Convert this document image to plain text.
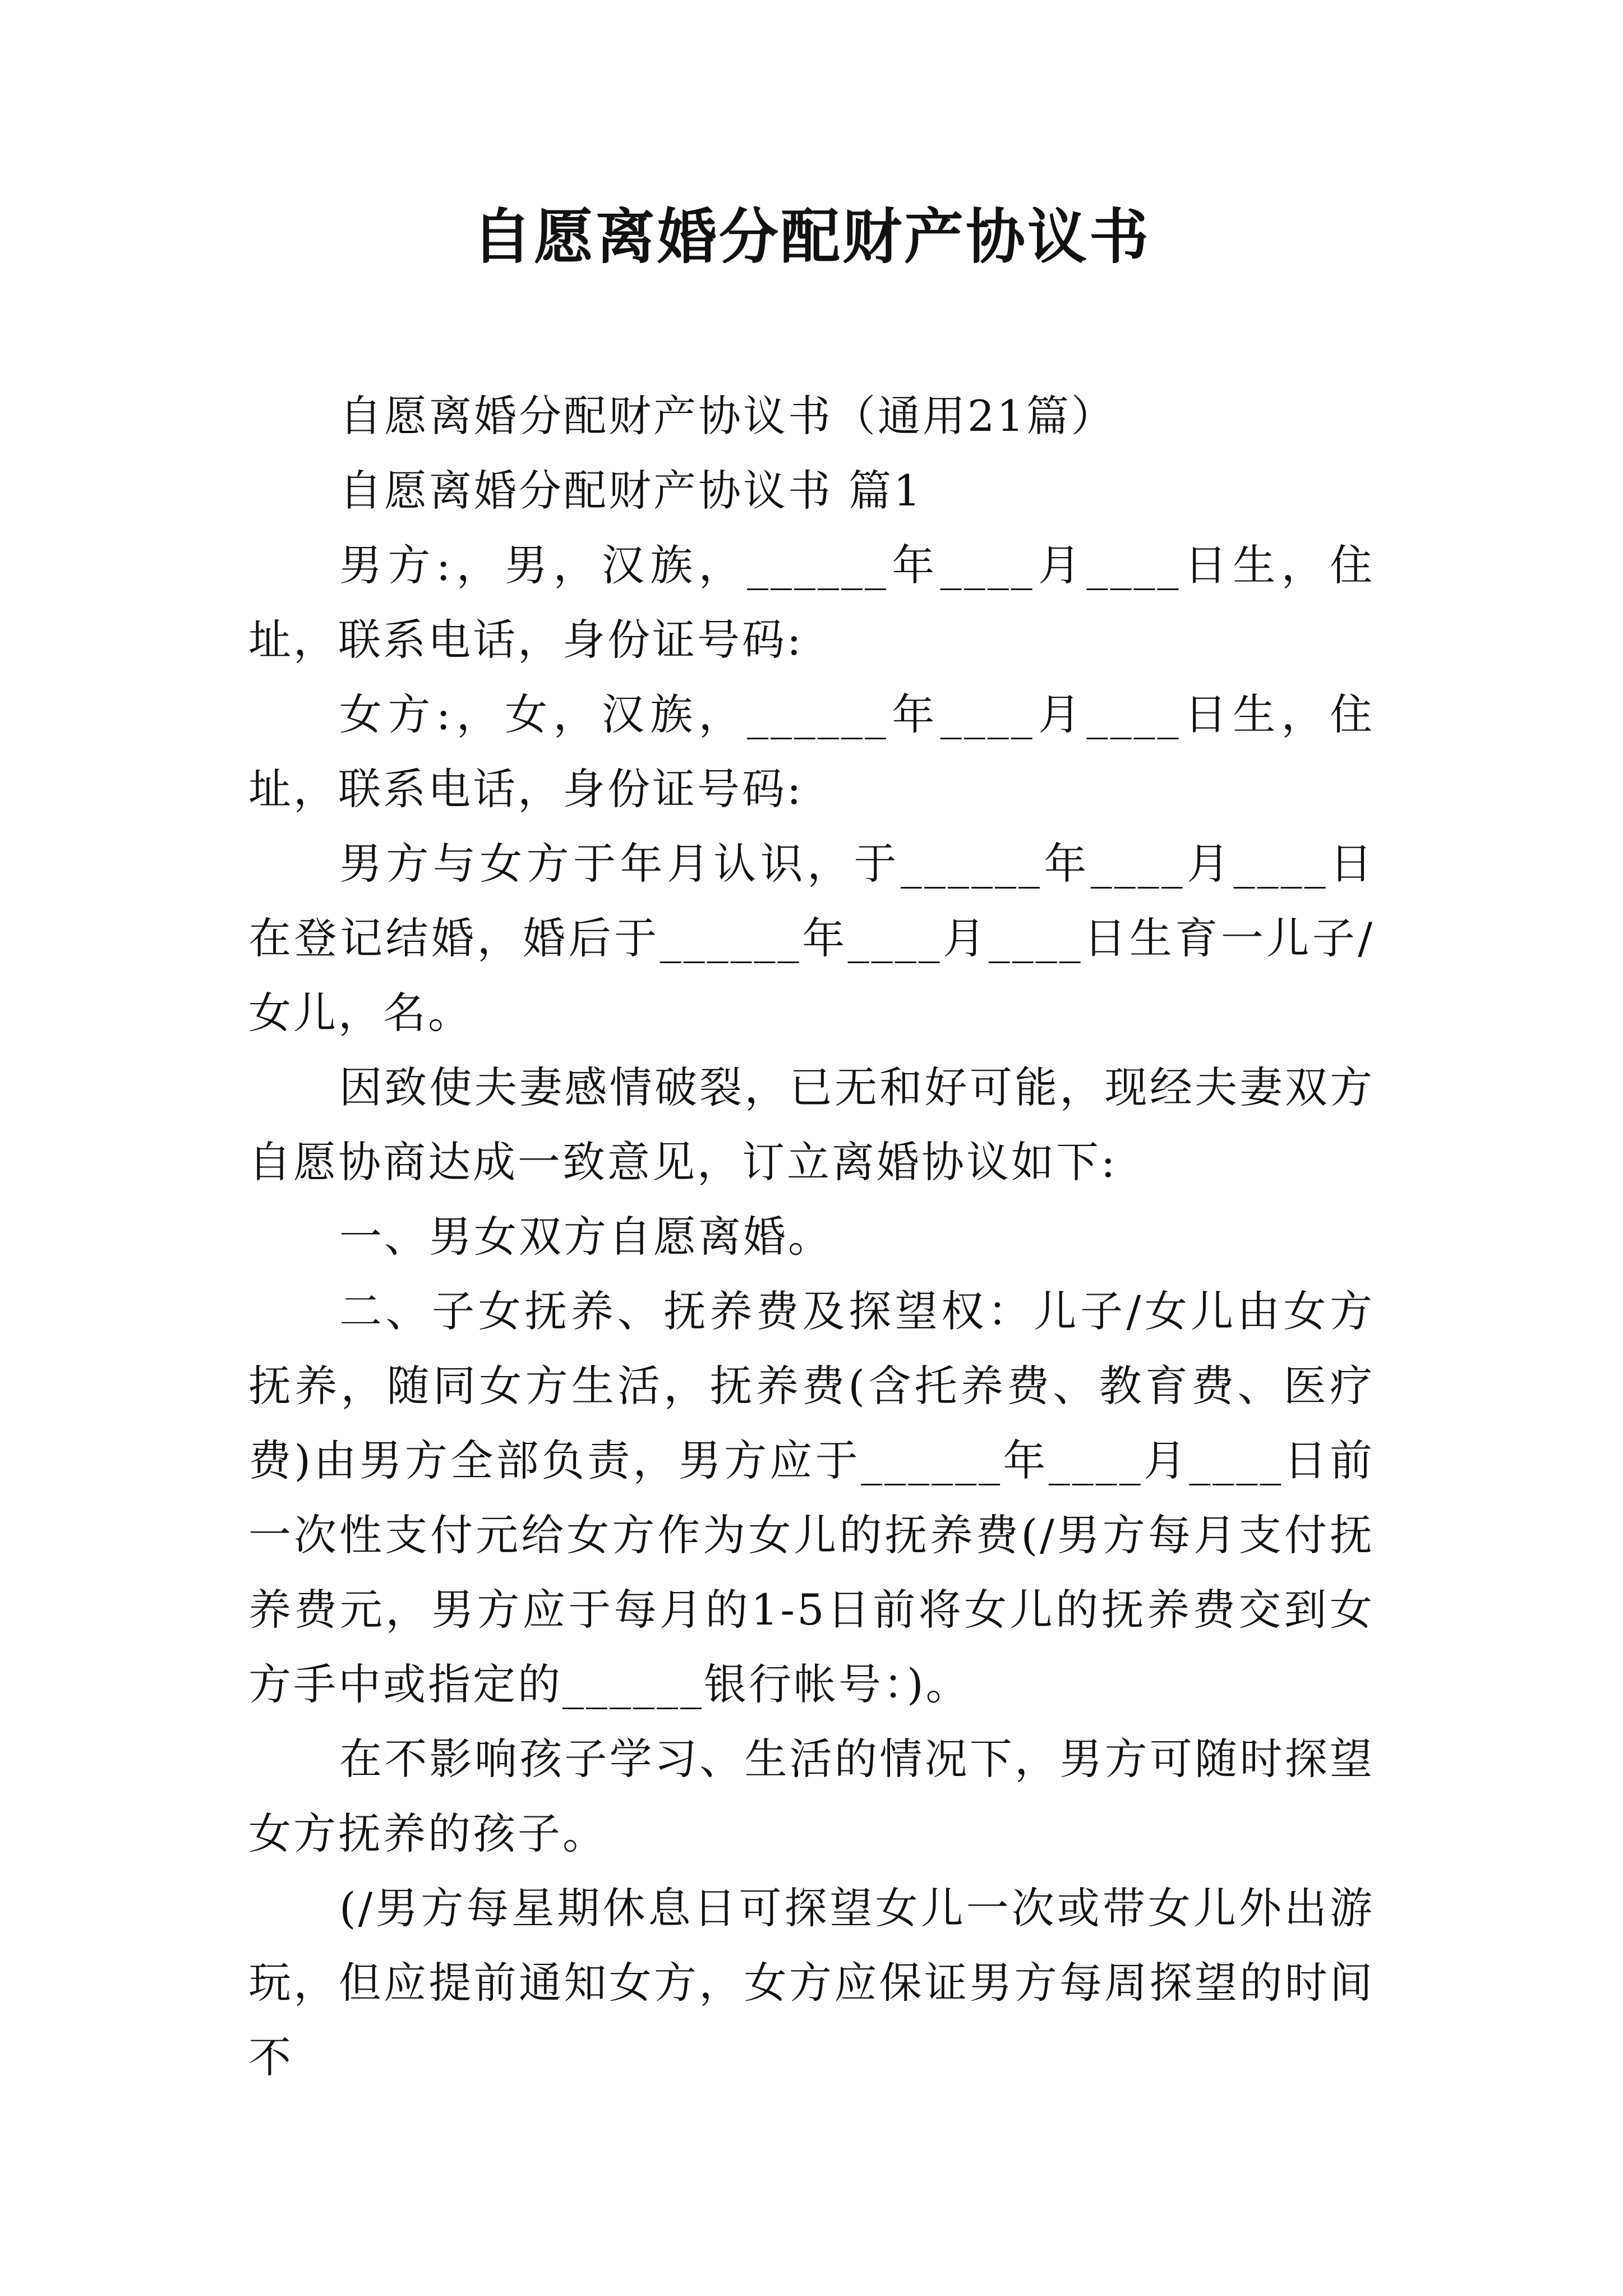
自愿离婚分配财产协议书

自愿离婚分配财产协议书（通用21篇）

自愿离婚分配财产协议书 篇1

男方:，男，汉族，______年____月____日生，住址，联系电话，身份证号码:

女方:，女，汉族，______年____月____日生，住址，联系电话，身份证号码:

男方与女方于年月认识，于______年____月____日在登记结婚，婚后于______年____月____日生育一儿子/女儿，名。

因致使夫妻感情破裂，已无和好可能，现经夫妻双方自愿协商达成一致意见，订立离婚协议如下:

一、男女双方自愿离婚。

二、子女抚养、抚养费及探望权：儿子/女儿由女方抚养，随同女方生活，抚养费(含托养费、教育费、医疗费)由男方全部负责，男方应于______年____月____日前一次性支付元给女方作为女儿的抚养费(/男方每月支付抚养费元，男方应于每月的1-5日前将女儿的抚养费交到女方手中或指定的______银行帐号：)。

在不影响孩子学习、生活的情况下，男方可随时探望女方抚养的孩子。

(/男方每星期休息日可探望女儿一次或带女儿外出游玩，但应提前通知女方，女方应保证男方每周探望的时间不
